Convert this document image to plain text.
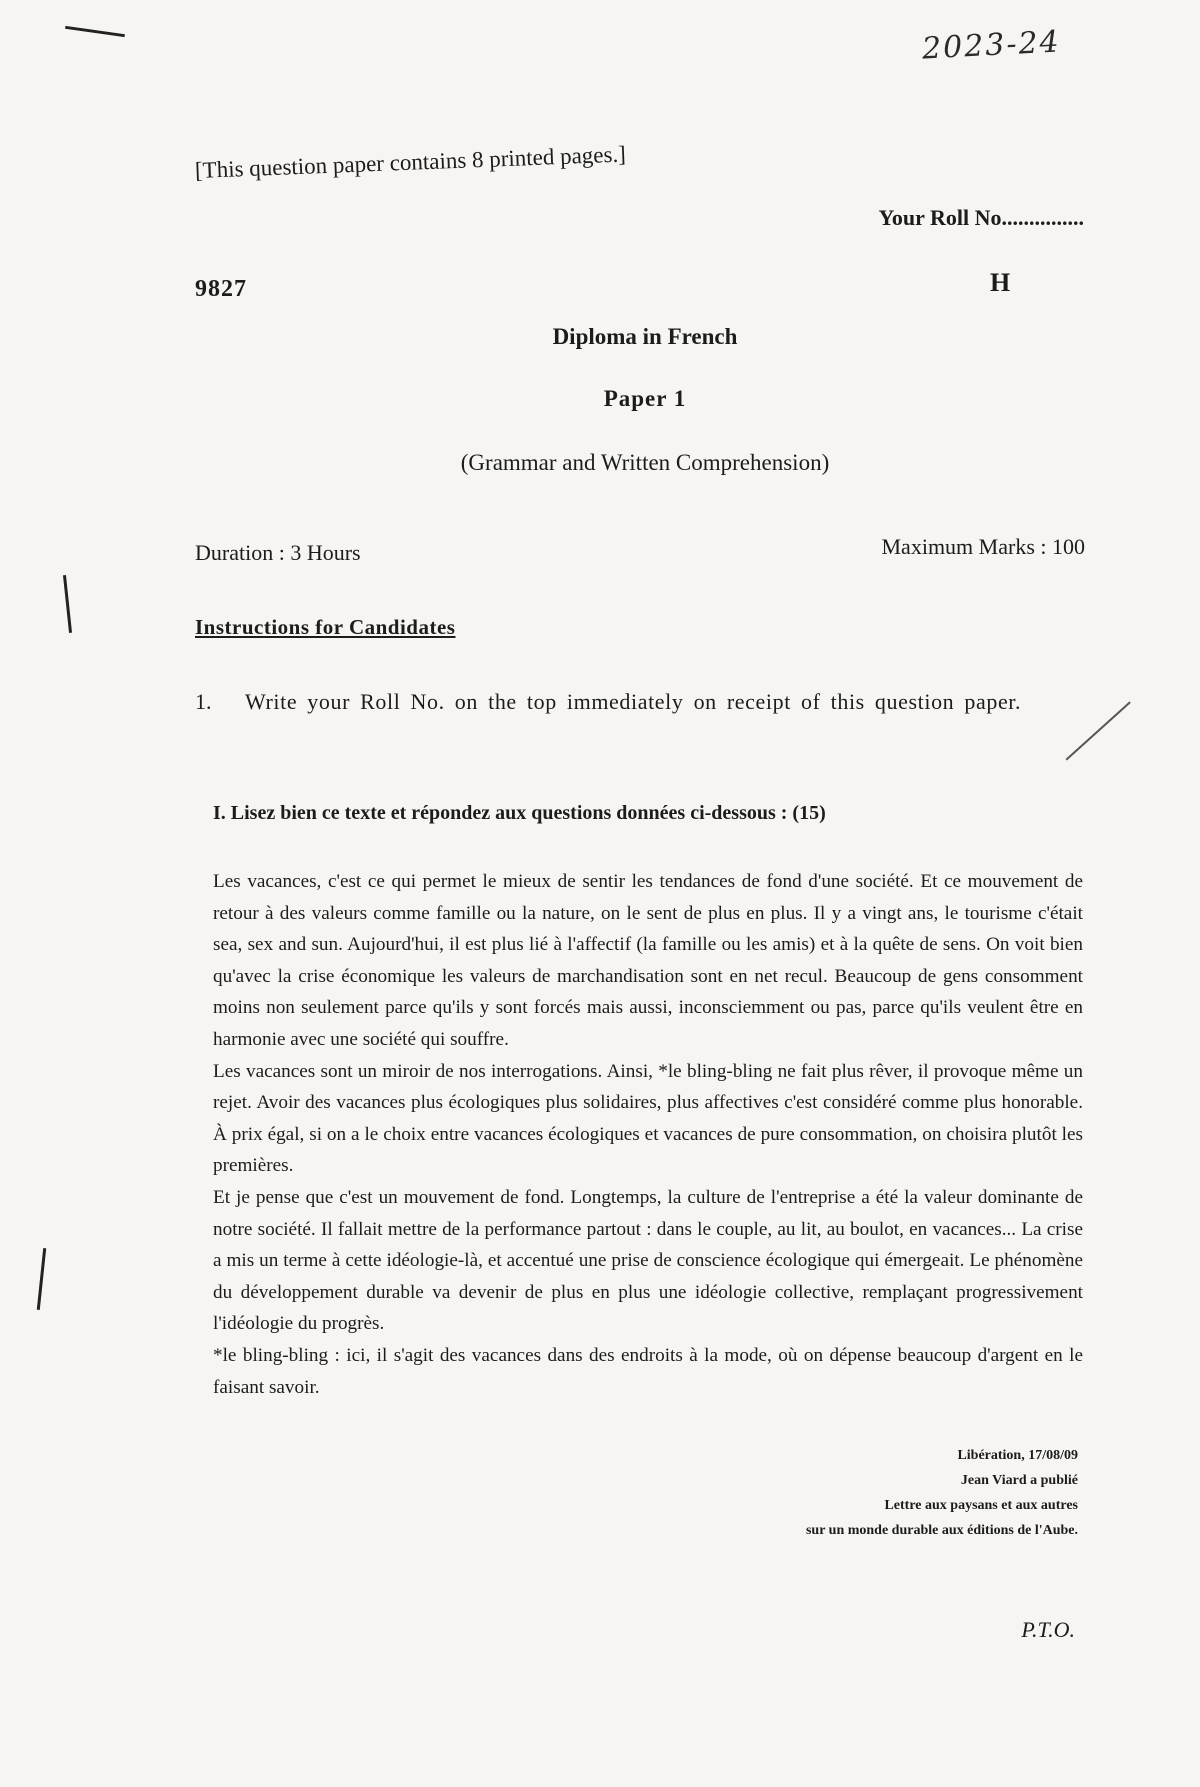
2023-24
[This question paper contains 8 printed pages.]
Your Roll No...............
9827	H
Diploma in French
Paper 1
(Grammar and Written Comprehension)
Duration : 3 Hours	Maximum Marks : 100
Instructions for Candidates
1.	Write your Roll No. on the top immediately on receipt of this question paper.
I. Lisez bien ce texte et répondez aux questions données ci-dessous : (15)

Les vacances, c'est ce qui permet le mieux de sentir les tendances de fond d'une société. Et ce mouvement de retour à des valeurs comme famille ou la nature, on le sent de plus en plus. Il y a vingt ans, le tourisme c'était sea, sex and sun. Aujourd'hui, il est plus lié à l'affectif (la famille ou les amis) et à la quête de sens. On voit bien qu'avec la crise économique les valeurs de marchandisation sont en net recul. Beaucoup de gens consomment moins non seulement parce qu'ils y sont forcés mais aussi, inconsciemment ou pas, parce qu'ils veulent être en harmonie avec une société qui souffre.

Les vacances sont un miroir de nos interrogations. Ainsi, *le bling-bling ne fait plus rêver, il provoque même un rejet. Avoir des vacances plus écologiques plus solidaires, plus affectives c'est considéré comme plus honorable. À prix égal, si on a le choix entre vacances écologiques et vacances de pure consommation, on choisira plutôt les premières.

Et je pense que c'est un mouvement de fond. Longtemps, la culture de l'entreprise a été la valeur dominante de notre société. Il fallait mettre de la performance partout : dans le couple, au lit, au boulot, en vacances... La crise a mis un terme à cette idéologie-là, et accentué une prise de conscience écologique qui émergeait. Le phénomène du développement durable va devenir de plus en plus une idéologie collective, remplaçant progressivement l'idéologie du progrès.

*le bling-bling : ici, il s'agit des vacances dans des endroits à la mode, où on dépense beaucoup d'argent en le faisant savoir.

Libération, 17/08/09
Jean Viard a publié
Lettre aux paysans et aux autres
sur un monde durable aux éditions de l'Aube.
P.T.O.
